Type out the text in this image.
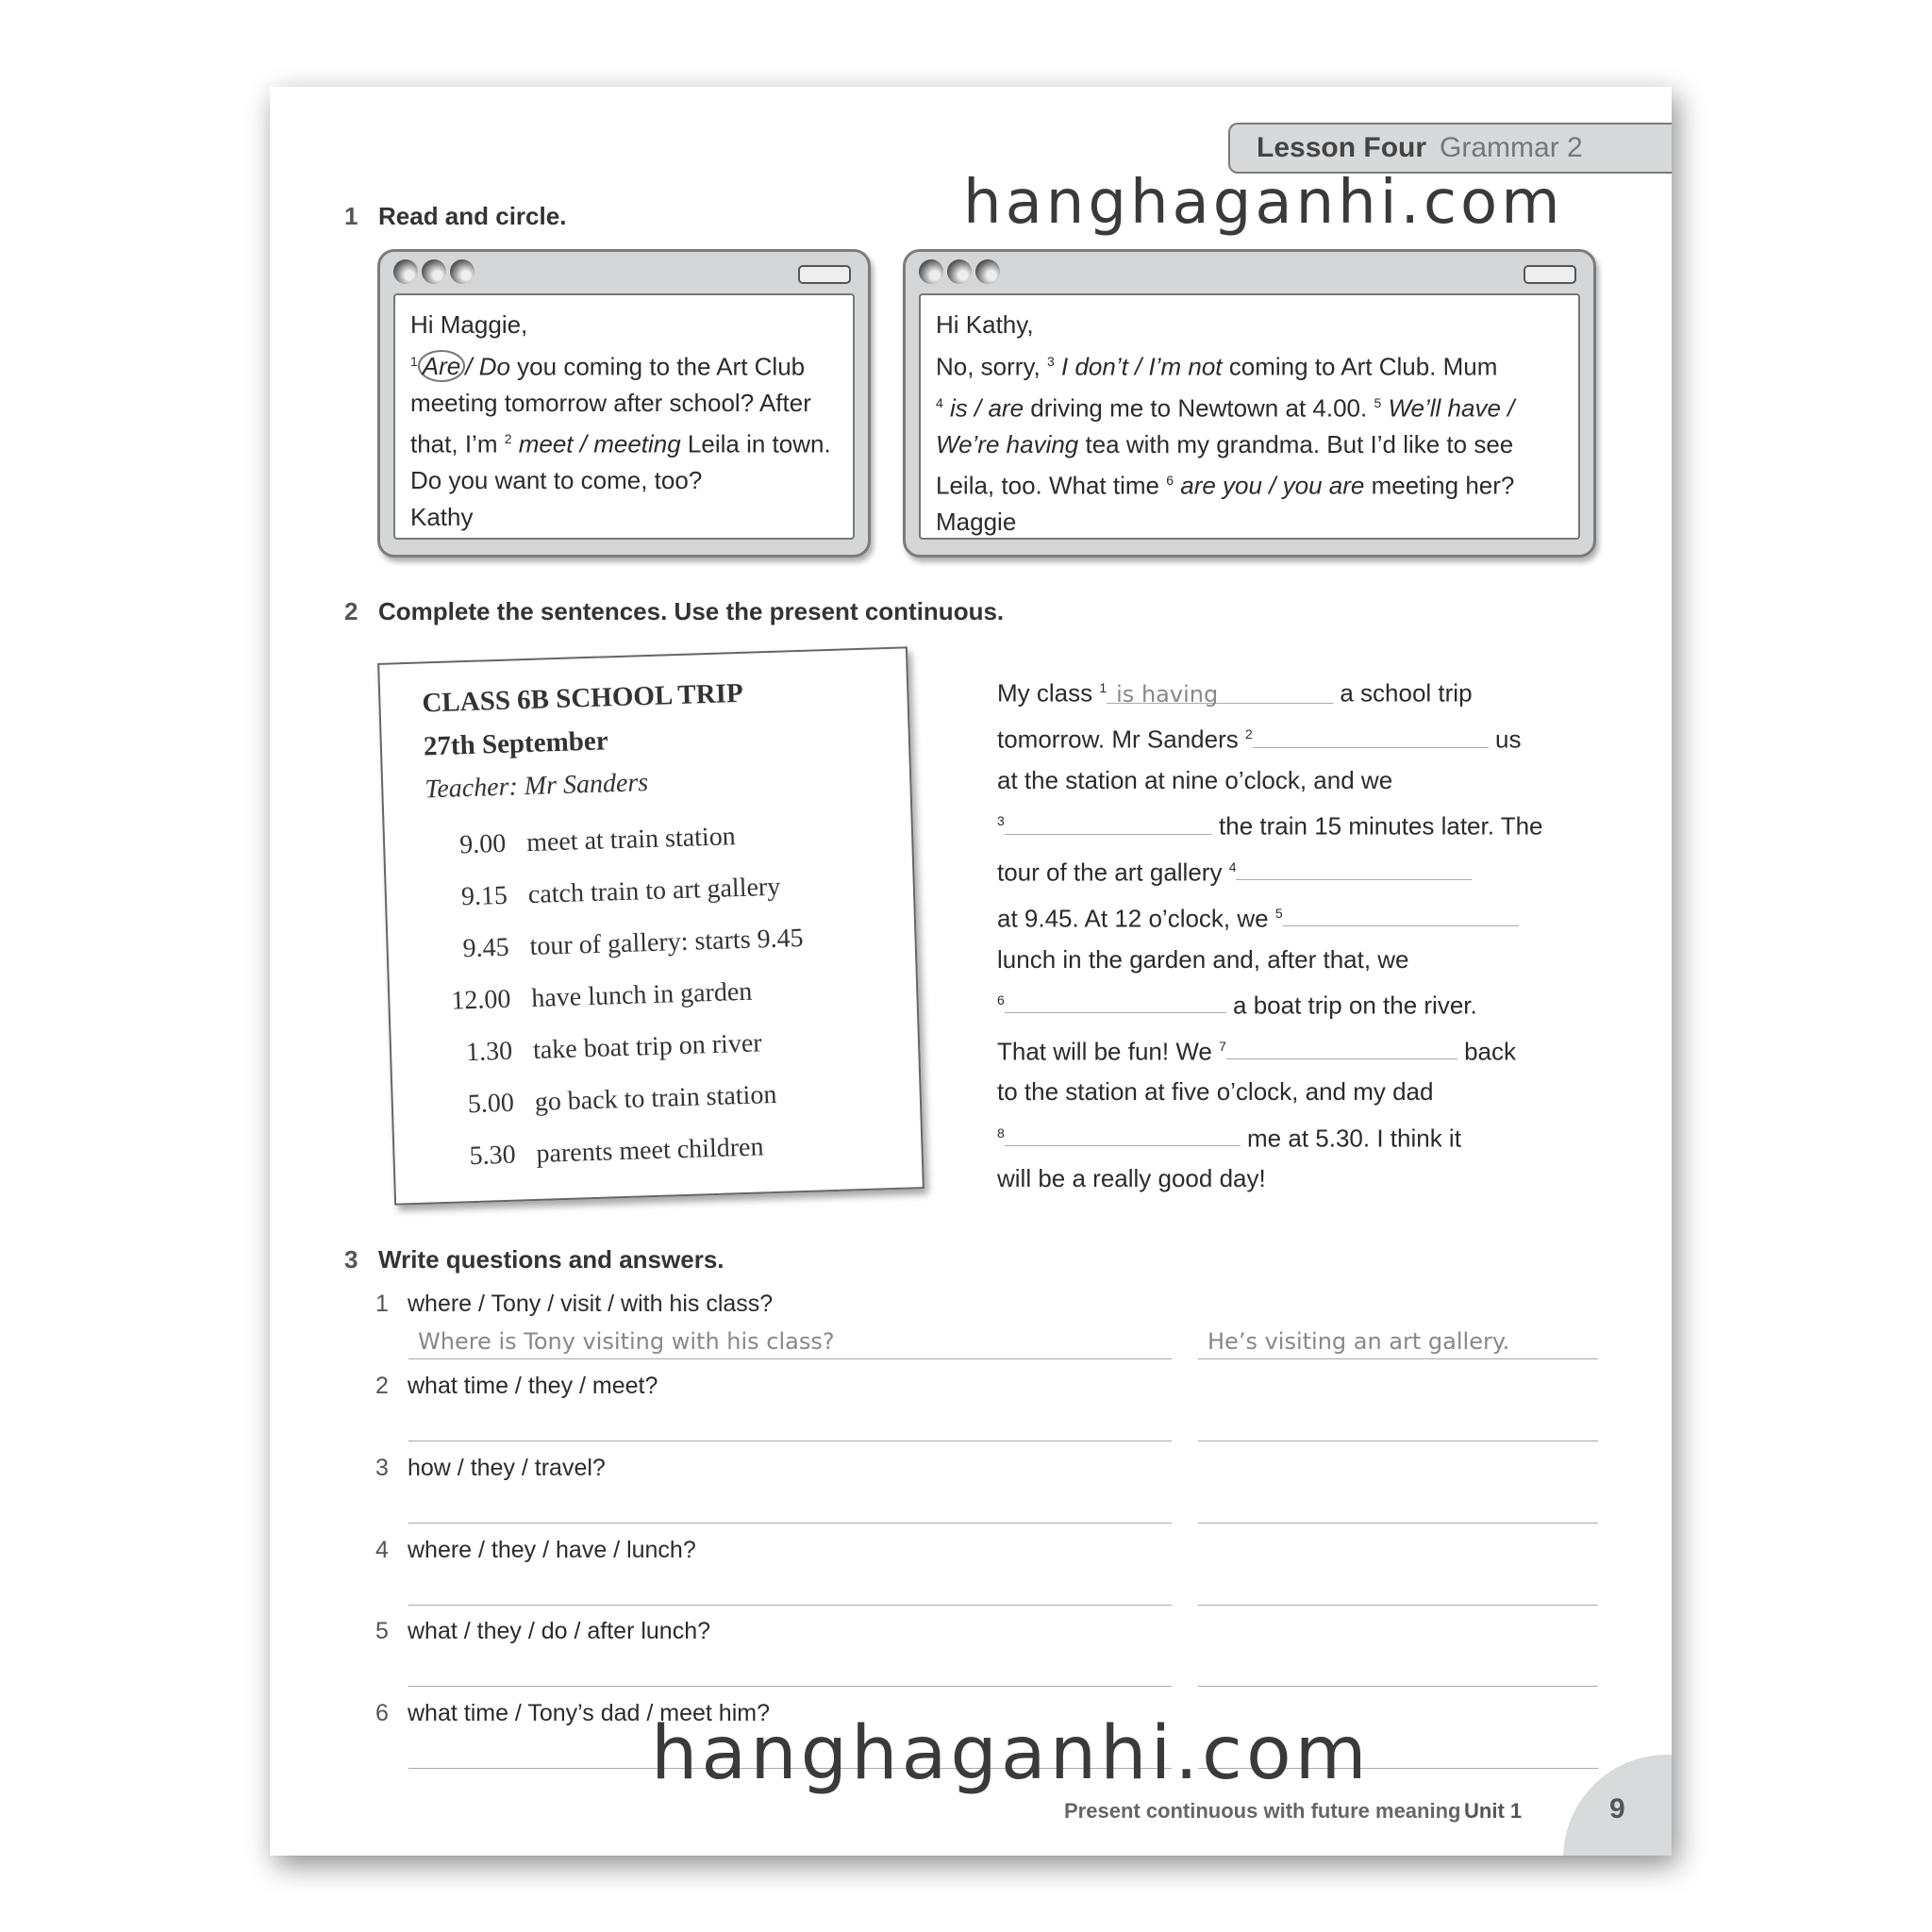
Lesson Four Grammar 2
1 Read and circle.
Hi Maggie,
$^1$ Are / Do you coming to the Art Club
meeting tomorrow after school? After
that, I’m $^2$ meet / meeting Leila in town.
Do you want to come, too?
Kathy
Hi Kathy,
No, sorry, $^3$ I don’t / I’m not coming to Art Club. Mum
$^4$ is / are driving me to Newtown at 4.00. $^5$ We’ll have /
We’re having tea with my grandma. But I’d like to see
Leila, too. What time $^6$ are you / you are meeting her?
Maggie
hanghaganhi.com
2 Complete the sentences. Use the present continuous.
CLASS 6B SCHOOL TRIP
27th September
Teacher: Mr Sanders
9.00 meet at train station
9.15 catch train to art gallery
9.45 tour of gallery: starts 9.45
12.00 have lunch in garden
1.30 take boat trip on river
5.00 go back to train station
5.30 parents meet children
My class $^1$ is having	a school trip
tomorrow. Mr Sanders $^2$	us
at the station at nine o’clock, and we
$^3$	the train 15 minutes later. The
tour of the art gallery $^4$
at 9.45. At 12 o’clock, we $^5$
lunch in the garden and, after that, we
$^6$	a boat trip on the river.
That will be fun! We $^7$	back
to the station at five o’clock, and my dad
$^8$	me at 5.30. I think it
will be a really good day!
3 Write questions and answers.
1 where / Tony / visit / with his class?
Where is Tony visiting with his class?	He’s visiting an art gallery.
2 what time / they / meet?
3 how / they / travel?
4 where / they / have / lunch?
5 what / they / do / after lunch?
6 what time / Tony’s dad / meet him?
hanghaganhi.com
Present continuous with future meaning Unit 1	9
